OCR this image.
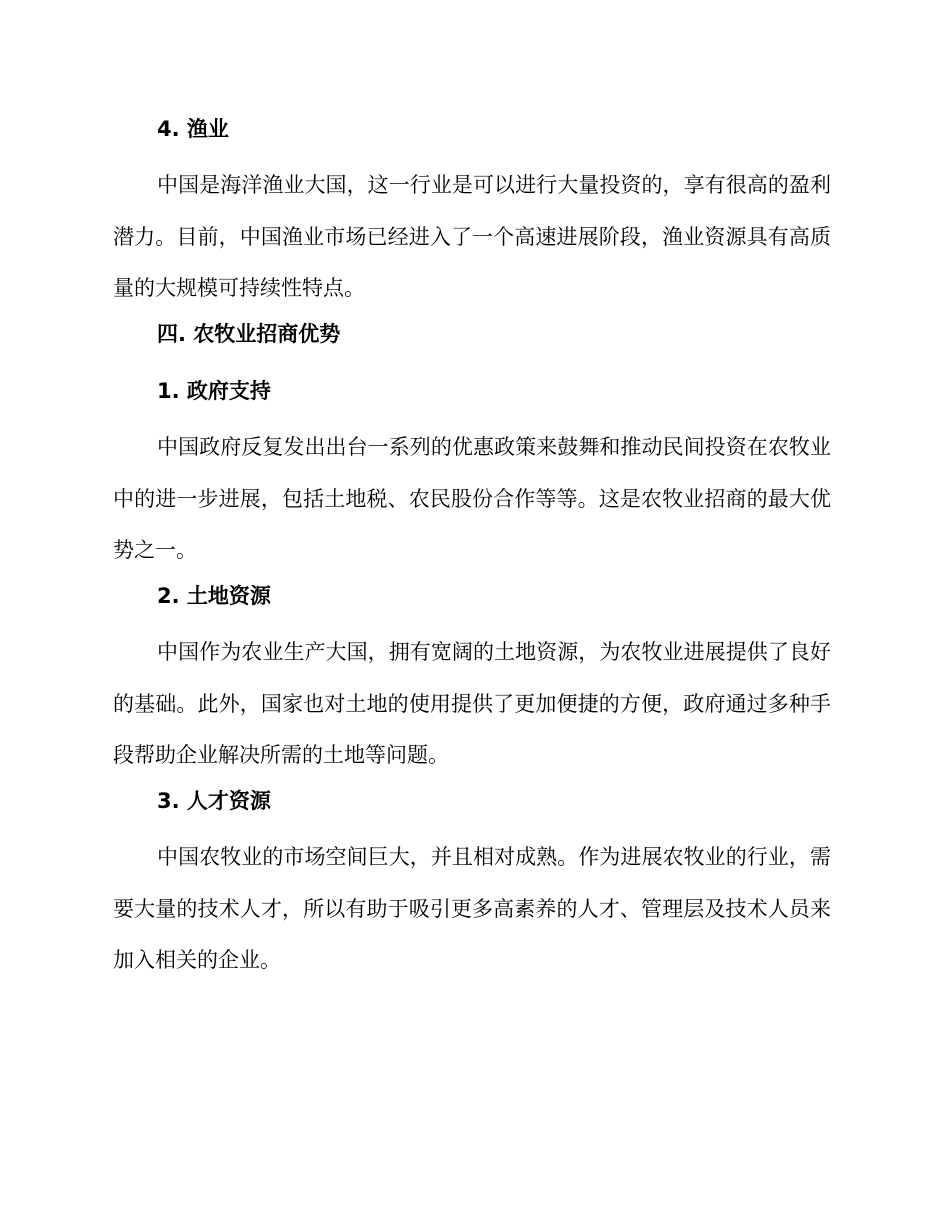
4. 渔业

中国是海洋渔业大国，这一行业是可以进行大量投资的，享有很高的盈利潜力。目前，中国渔业市场已经进入了一个高速进展阶段，渔业资源具有高质量的大规模可持续性特点。

四. 农牧业招商优势
1. 政府支持

中国政府反复发出出台一系列的优惠政策来鼓舞和推动民间投资在农牧业中的进一步进展，包括土地税、农民股份合作等等。这是农牧业招商的最大优势之一。

2. 土地资源

中国作为农业生产大国，拥有宽阔的土地资源，为农牧业进展提供了良好的基础。此外，国家也对土地的使用提供了更加便捷的方便，政府通过多种手段帮助企业解决所需的土地等问题。

3. 人才资源

中国农牧业的市场空间巨大，并且相对成熟。作为进展农牧业的行业，需要大量的技术人才，所以有助于吸引更多高素养的人才、管理层及技术人员来加入相关的企业。
